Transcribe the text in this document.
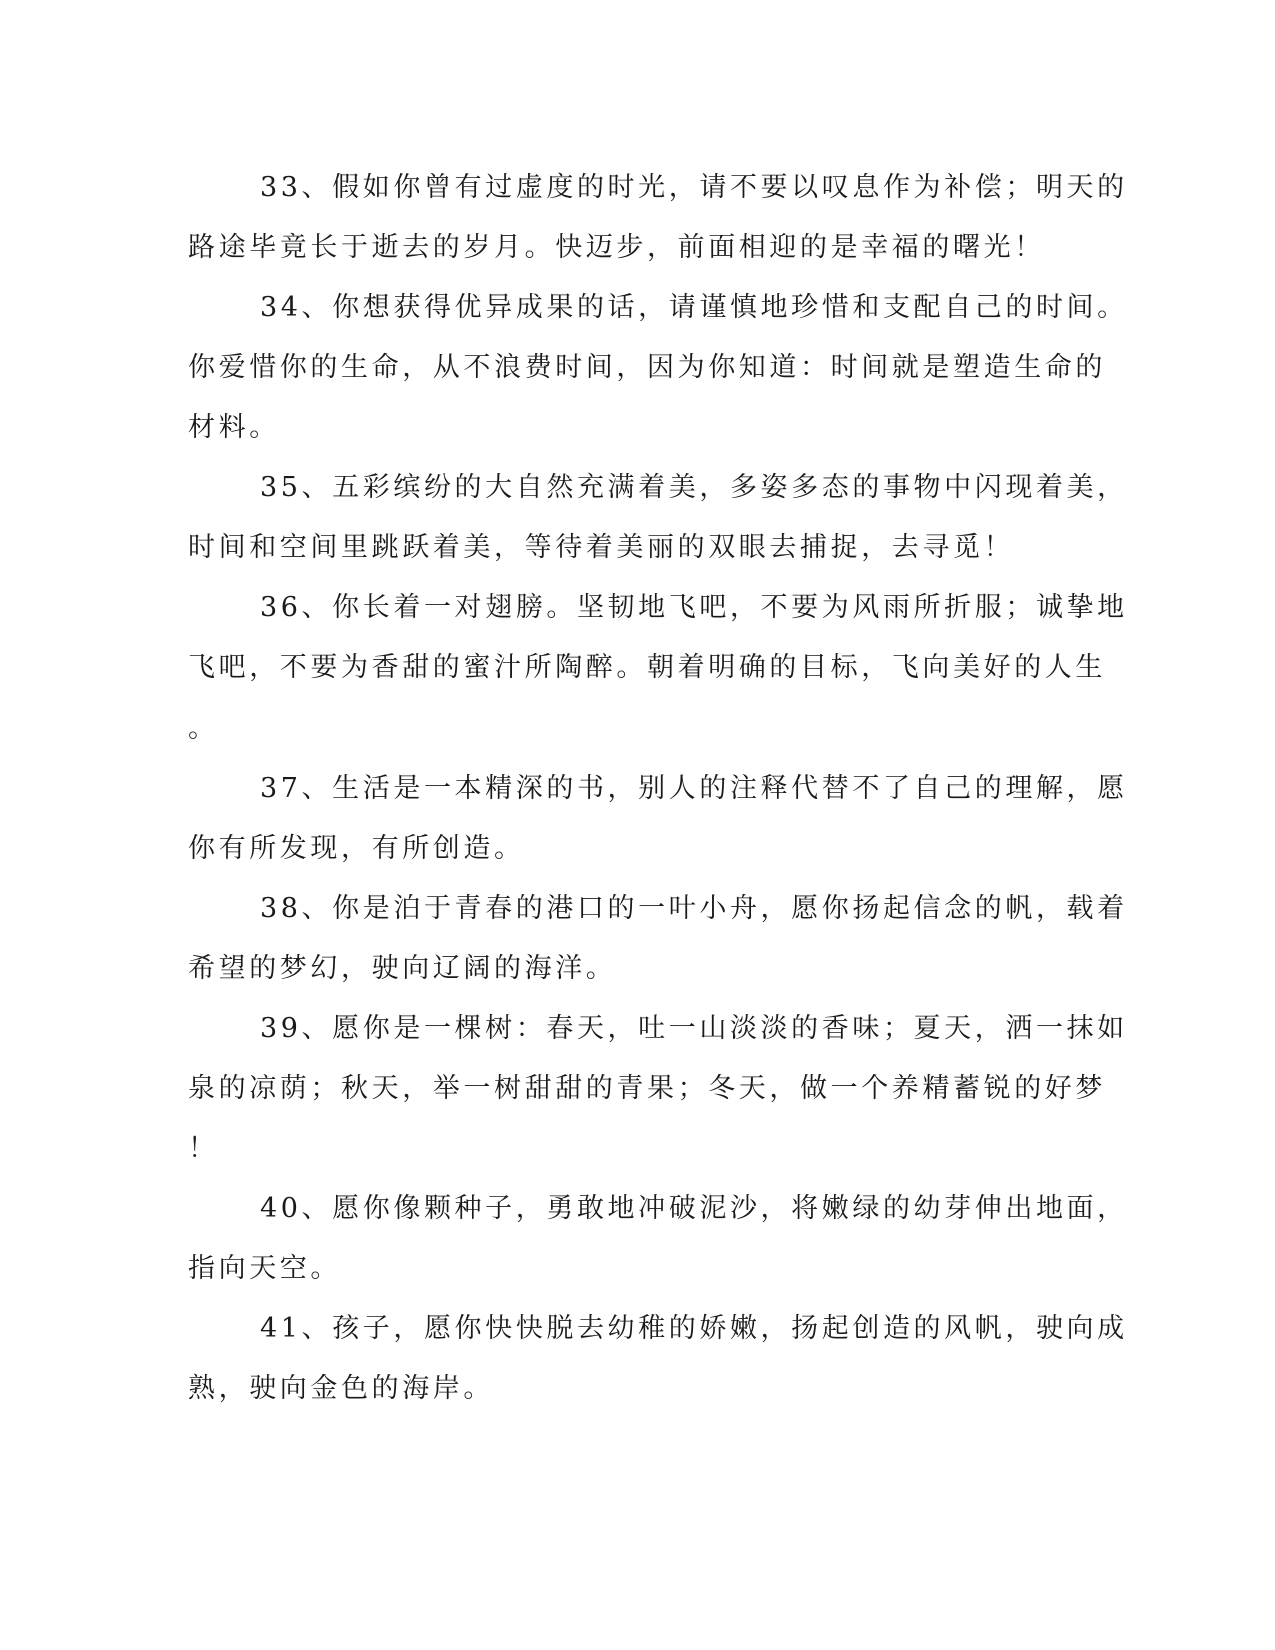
33、假如你曾有过虚度的时光，请不要以叹息作为补偿；明天的
路途毕竟长于逝去的岁月。快迈步，前面相迎的是幸福的曙光！
34、你想获得优异成果的话，请谨慎地珍惜和支配自己的时间。
你爱惜你的生命，从不浪费时间，因为你知道：时间就是塑造生命的
材料。
35、五彩缤纷的大自然充满着美，多姿多态的事物中闪现着美，
时间和空间里跳跃着美，等待着美丽的双眼去捕捉，去寻觅！
36、你长着一对翅膀。坚韧地飞吧，不要为风雨所折服；诚挚地
飞吧，不要为香甜的蜜汁所陶醉。朝着明确的目标，飞向美好的人生
。
37、生活是一本精深的书，别人的注释代替不了自己的理解，愿
你有所发现，有所创造。
38、你是泊于青春的港口的一叶小舟，愿你扬起信念的帆，载着
希望的梦幻，驶向辽阔的海洋。
39、愿你是一棵树：春天，吐一山淡淡的香味；夏天，洒一抹如
泉的凉荫；秋天，举一树甜甜的青果；冬天，做一个养精蓄锐的好梦
！
40、愿你像颗种子，勇敢地冲破泥沙，将嫩绿的幼芽伸出地面，
指向天空。
41、孩子，愿你快快脱去幼稚的娇嫩，扬起创造的风帆，驶向成
熟，驶向金色的海岸。
